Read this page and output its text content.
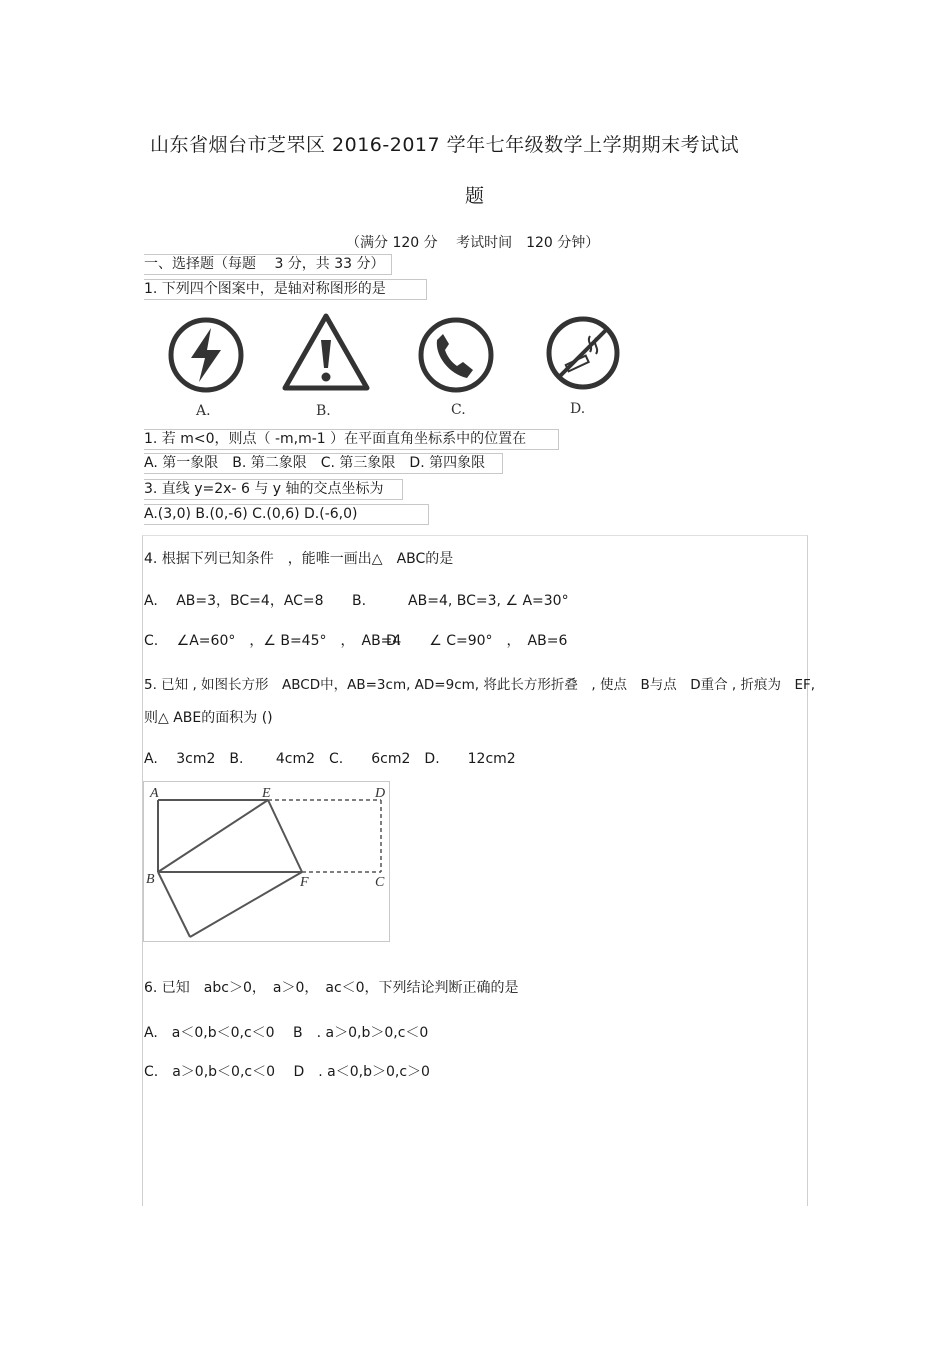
山东省烟台市芝罘区 2016-2017 学年七年级数学上学期期末考试试
题
（满分 120 分　 考试时间　120 分钟）
一、选择题（每题　 3 分，共 33 分）
1. 下列四个图案中，是轴对称图形的是
A.	B.	C.	D.
1. 若 m<0，则点（ -m,m-1 ）在平面直角坐标系中的位置在
A. 第一象限　B. 第二象限　C. 第三象限　D. 第四象限
3. 直线 y=2x- 6 与 y 轴的交点坐标为
A.(3,0) B.(0,-6) C.(0,6) D.(-6,0)
4. 根据下列已知条件　，能唯一画出△　ABC的是
A.　 AB=3，BC=4，AC=8 B.　　　AB=4, BC=3, ∠ A=30°
C.　 ∠A=60°　，∠ B=45°　，　AB=4
D.　　∠ C=90°　，　AB=6
5. 已知 , 如图长方形　ABCD中，AB=3cm, AD=9cm, 将此长方形折叠　, 使点　B与点　D重合 , 折痕为　EF,
则△ ABE的面积为 ()
A.　 3cm2　B.　　 4cm2　C.　　6cm2　D.　　12cm2
A	E	D
B	F	C
6. 已知　abc＞0，　a＞0，　ac＜0，下列结论判断正确的是
A.　a＜0,b＜0,c＜0　 B　. a＞0,b＞0,c＜0
C.　a＞0,b＜0,c＜0　 D　. a＜0,b＞0,c＞0
